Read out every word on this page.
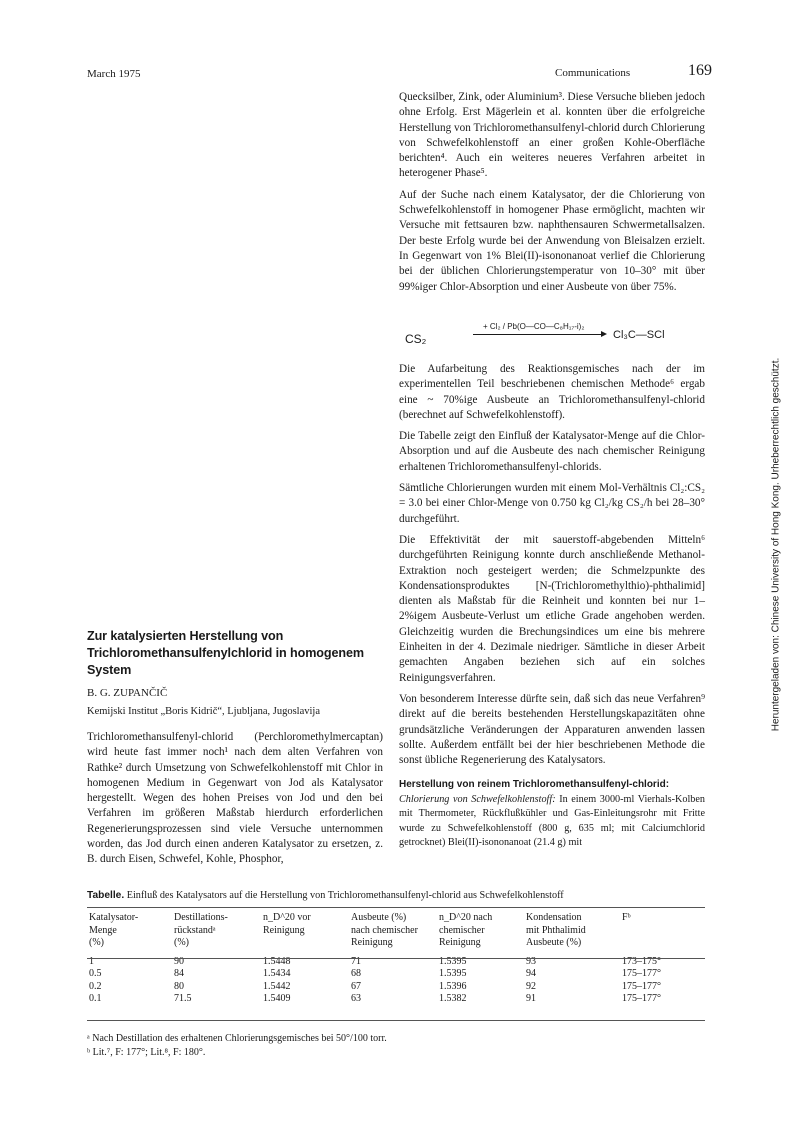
March 1975	Communications	169

Quecksilber, Zink, oder Aluminium³. Diese Versuche blieben jedoch ohne Erfolg. Erst Mägerlein et al. konnten über die erfolgreiche Herstellung von Trichloromethansulfenyl-chlorid durch Chlorierung von Schwefelkohlenstoff an einer großen Kohle-Oberfläche berichten⁴. Auch ein weiteres neueres Verfahren arbeitet in heterogener Phase⁵.

Auf der Suche nach einem Katalysator, der die Chlorierung von Schwefelkohlenstoff in homogener Phase ermöglicht, machten wir Versuche mit fettsauren bzw. naphthensauren Schwermetallsalzen. Der beste Erfolg wurde bei der Anwendung von Bleisalzen erzielt. In Gegenwart von 1% Blei(II)-isononanoat verlief die Chlorierung bei der üblichen Chlorierungstemperatur von 10–30° mit über 99%iger Chlor-Absorption und einer Ausbeute von über 75%.

CS₂
+ Cl₂ / Pb(O—CO—C₈H₁₇-i)₂
Cl₃C—SCl

Die Aufarbeitung des Reaktionsgemisches nach der im experimentellen Teil beschriebenen chemischen Methode⁶ ergab eine ~ 70%ige Ausbeute an Trichloromethansulfenyl-chlorid (berechnet auf Schwefelkohlenstoff).

Die Tabelle zeigt den Einfluß der Katalysator-Menge auf die Chlor-Absorption und auf die Ausbeute des nach chemischer Reinigung erhaltenen Trichloromethansulfenyl-chlorids.

Sämtliche Chlorierungen wurden mit einem Mol-Verhältnis Cl₂:CS₂ = 3.0 bei einer Chlor-Menge von 0.750 kg Cl₂/kg CS₂/h bei 28–30° durchgeführt.

Die Effektivität der mit sauerstoff-abgebenden Mitteln⁶ durchgeführten Reinigung konnte durch anschließende Methanol-Extraktion noch gesteigert werden; die Schmelzpunkte des Kondensationsproduktes [N-(Trichloromethylthio)-phthalimid] dienten als Maßstab für die Reinheit und konnten bei nur 1–2%igem Ausbeute-Verlust um etliche Grade angehoben werden. Gleichzeitig wurden die Brechungsindices um eine bis mehrere Einheiten in der 4. Dezimale niedriger. Sämtliche in dieser Arbeit gemachten Angaben beziehen sich auf ein solches Reinigungsverfahren.

Von besonderem Interesse dürfte sein, daß sich das neue Verfahren⁹ direkt auf die bereits bestehenden Herstellungskapazitäten ohne grundsätzliche Veränderungen der Apparaturen anwenden lassen sollte. Außerdem entfällt bei der hier beschriebenen Methode die sonst übliche Regenerierung des Katalysators.

Herstellung von reinem Trichloromethansulfenyl-chlorid:
Chlorierung von Schwefelkohlenstoff: In einem 3000-ml Vierhals-Kolben mit Thermometer, Rückflußkühler und Gas-Einleitungsrohr mit Fritte wurde zu Schwefelkohlenstoff (800 g, 635 ml; mit Calciumchlorid getrocknet) Blei(II)-isononanoat (21.4 g) mit

Zur katalysierten Herstellung von Trichloromethansulfenylchlorid in homogenem System
B. G. ZUPANČIČ
Kemijski Institut „Boris Kidrič“, Ljubljana, Jugoslavija

Trichloromethansulfenyl-chlorid (Perchloromethylmercaptan) wird heute fast immer noch¹ nach dem alten Verfahren von Rathke² durch Umsetzung von Schwefelkohlenstoff mit Chlor in homogenen Medium in Gegenwart von Jod als Katalysator hergestellt. Wegen des hohen Preises von Jod und den bei Verfahren im größeren Maßstab hierdurch erforderlichen Regenerierungsprozessen sind viele Versuche unternommen worden, das Jod durch einen anderen Katalysator zu ersetzen, z. B. durch Eisen, Schwefel, Kohle, Phosphor,

Heruntergeladen von: Chinese University of Hong Kong. Urheberrechtlich geschützt.
Tabelle. Einfluß des Katalysators auf die Herstellung von Trichloromethansulfenyl-chlorid aus Schwefelkohlenstoff
Katalysator-
Menge
(%)	Destillations-
rückstandᵃ
(%)	n_D^20 vor
Reinigung	Ausbeute (%)
nach chemischer
Reinigung	n_D^20 nach
chemischer
Reinigung	Kondensation
mit Phthalimid
Ausbeute (%)	Fᵇ

1	90	1.5448	71	1.5395	93	173–175°
0.5	84	1.5434	68	1.5395	94	175–177°
0.2	80	1.5442	67	1.5396	92	175–177°
0.1	71.5	1.5409	63	1.5382	91	175–177°
ᵃ Nach Destillation des erhaltenen Chlorierungsgemisches bei 50°/100 torr.
ᵇ Lit.⁷, F: 177°; Lit.⁸, F: 180°.
